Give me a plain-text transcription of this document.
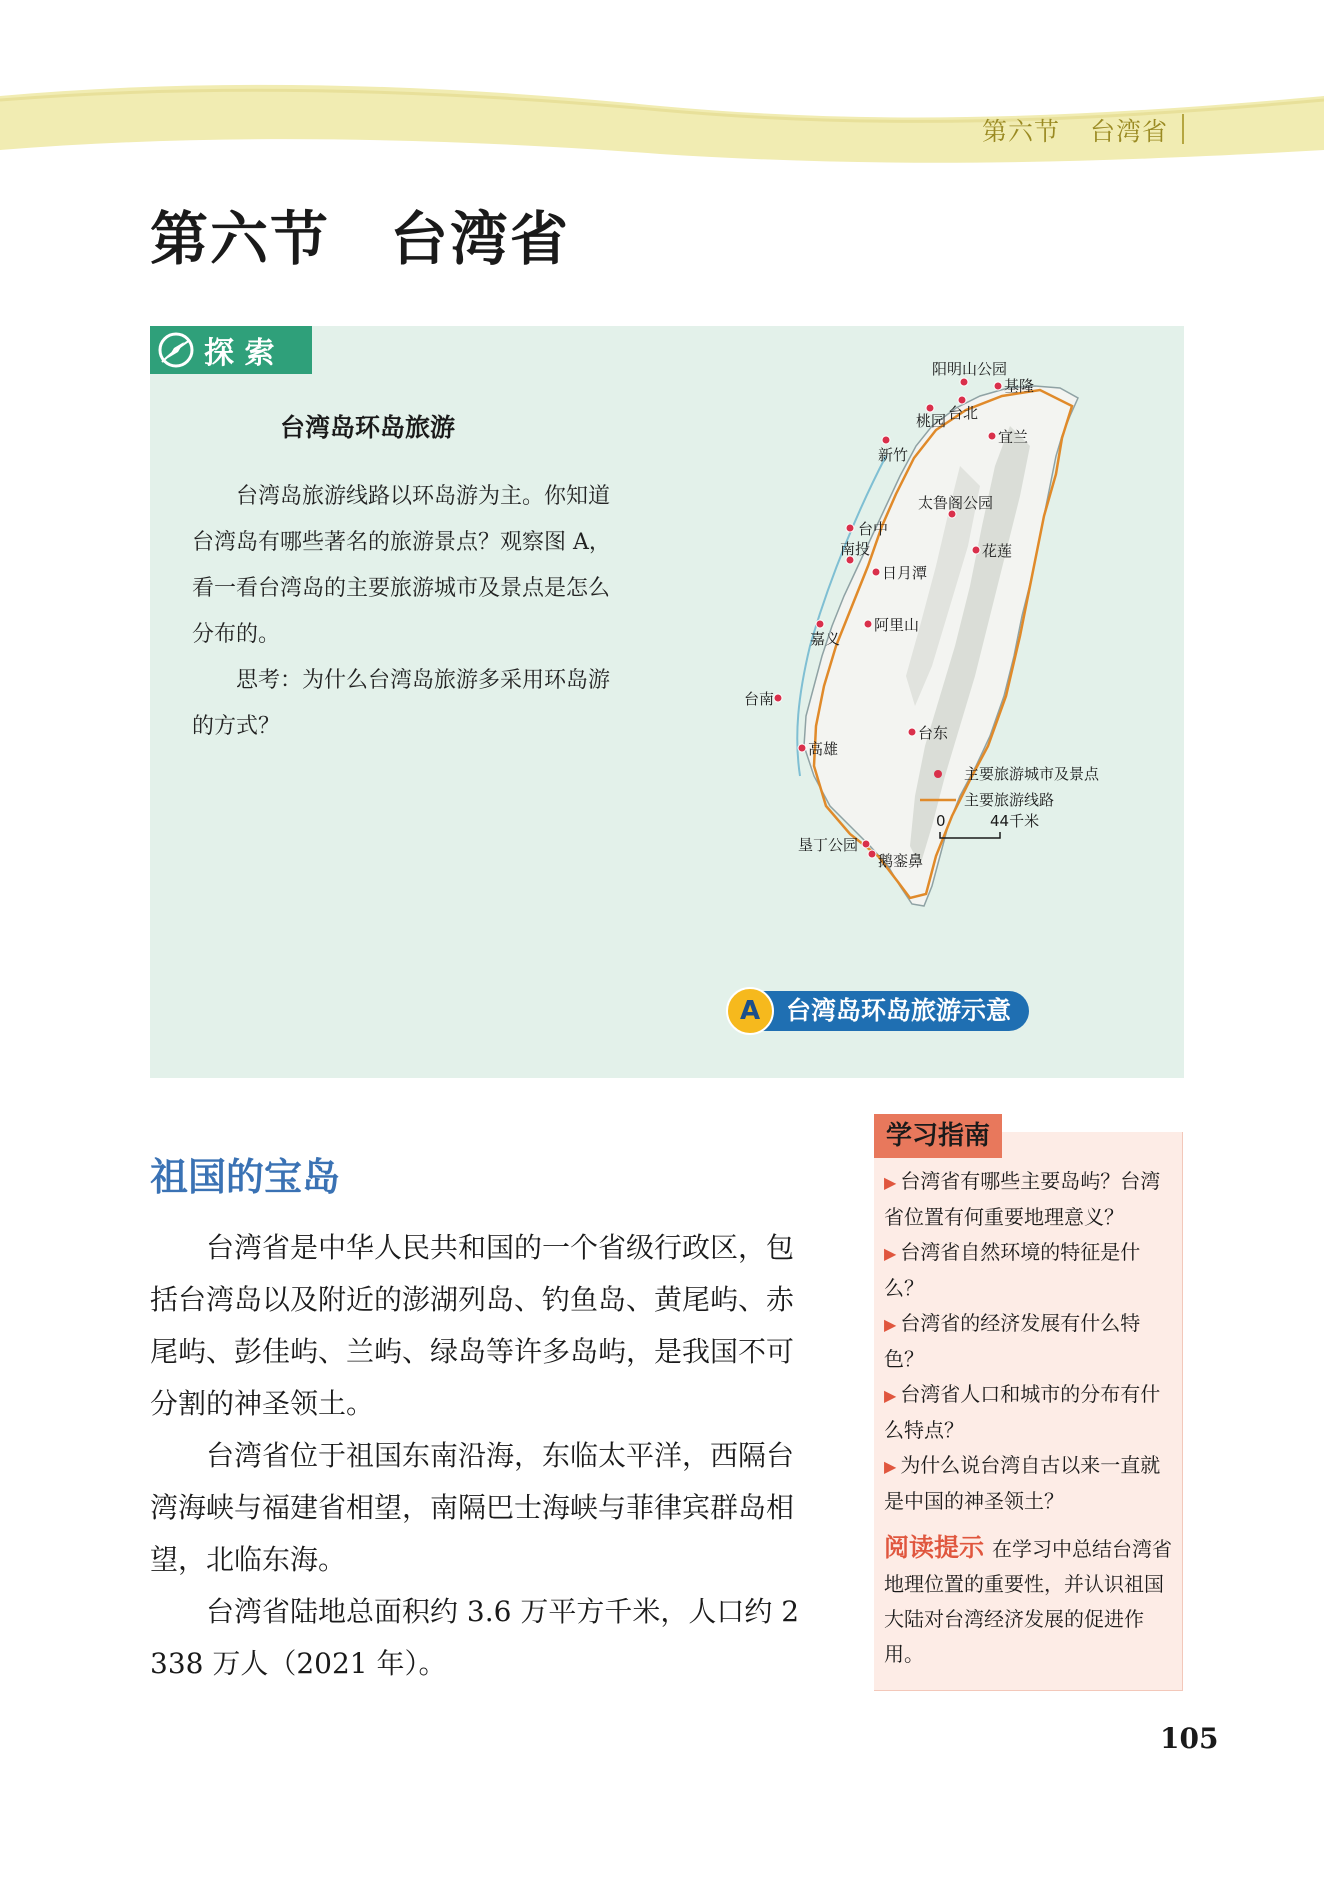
第六节 台湾省
第六节 台湾省
探 索
台湾岛环岛旅游

台湾岛旅游线路以环岛游为主。你知道台湾岛有哪些著名的旅游景点？观察图 A，看一看台湾岛的主要旅游城市及景点是怎么分布的。

思考：为什么台湾岛旅游多采用环岛游的方式？

阳明山公园
基隆
台北
桃园
宜兰
新竹
太鲁阁公园
台中
南投	花莲
日月潭
阿里山
嘉义
台南
台东
高雄
垦丁公园
鹅銮鼻
主要旅游城市及景点
主要旅游线路
0	44千米
A	台湾岛环岛旅游示意
祖国的宝岛

台湾省是中华人民共和国的一个省级行政区，包括台湾岛以及附近的澎湖列岛、钓鱼岛、黄尾屿、赤尾屿、彭佳屿、兰屿、绿岛等许多岛屿，是我国不可分割的神圣领土。

台湾省位于祖国东南沿海，东临太平洋，西隔台湾海峡与福建省相望，南隔巴士海峡与菲律宾群岛相望，北临东海。

台湾省陆地总面积约 3.6 万平方千米，人口约 2 338 万人（2021 年）。

学习指南
▶ 台湾省有哪些主要岛屿？台湾省位置有何重要地理意义？
▶ 台湾省自然环境的特征是什么？
▶ 台湾省的经济发展有什么特色？
▶ 台湾省人口和城市的分布有什么特点？
▶ 为什么说台湾自古以来一直就是中国的神圣领土？
阅读提示 在学习中总结台湾省地理位置的重要性，并认识祖国大陆对台湾经济发展的促进作用。
105
